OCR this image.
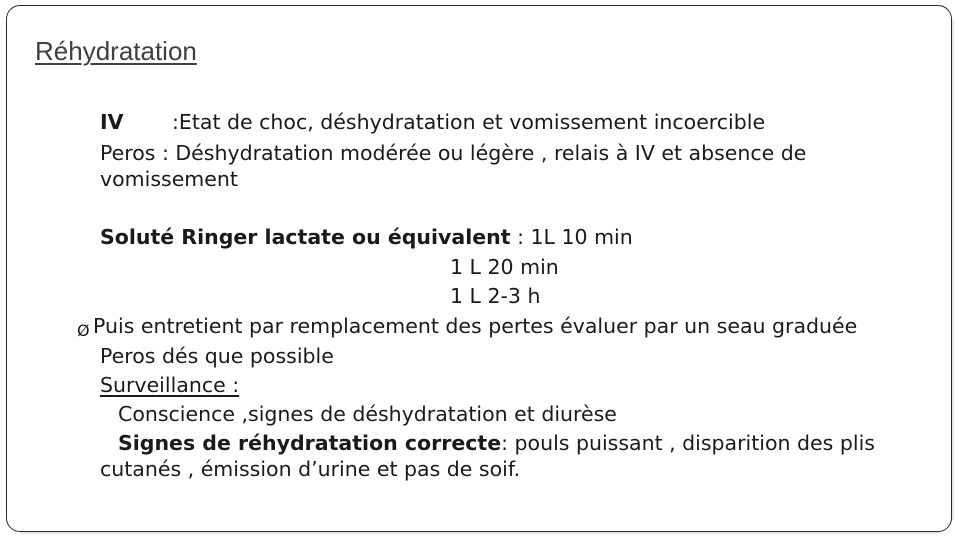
Réhydratation
IV :Etat de choc, déshydratation et vomissement incoercible
Peros : Déshydratation modérée ou légère , relais à IV et absence de
vomissement
Soluté Ringer lactate ou équivalent : 1L 10 min
1 L 20 min
1 L 2-3 h
Ø Puis entretient par remplacement des pertes évaluer par un seau graduée
Peros dés que possible
Surveillance :
Conscience ,signes de déshydratation et diurèse
Signes de réhydratation correcte: pouls puissant , disparition des plis
cutanés , émission d’urine et pas de soif.
